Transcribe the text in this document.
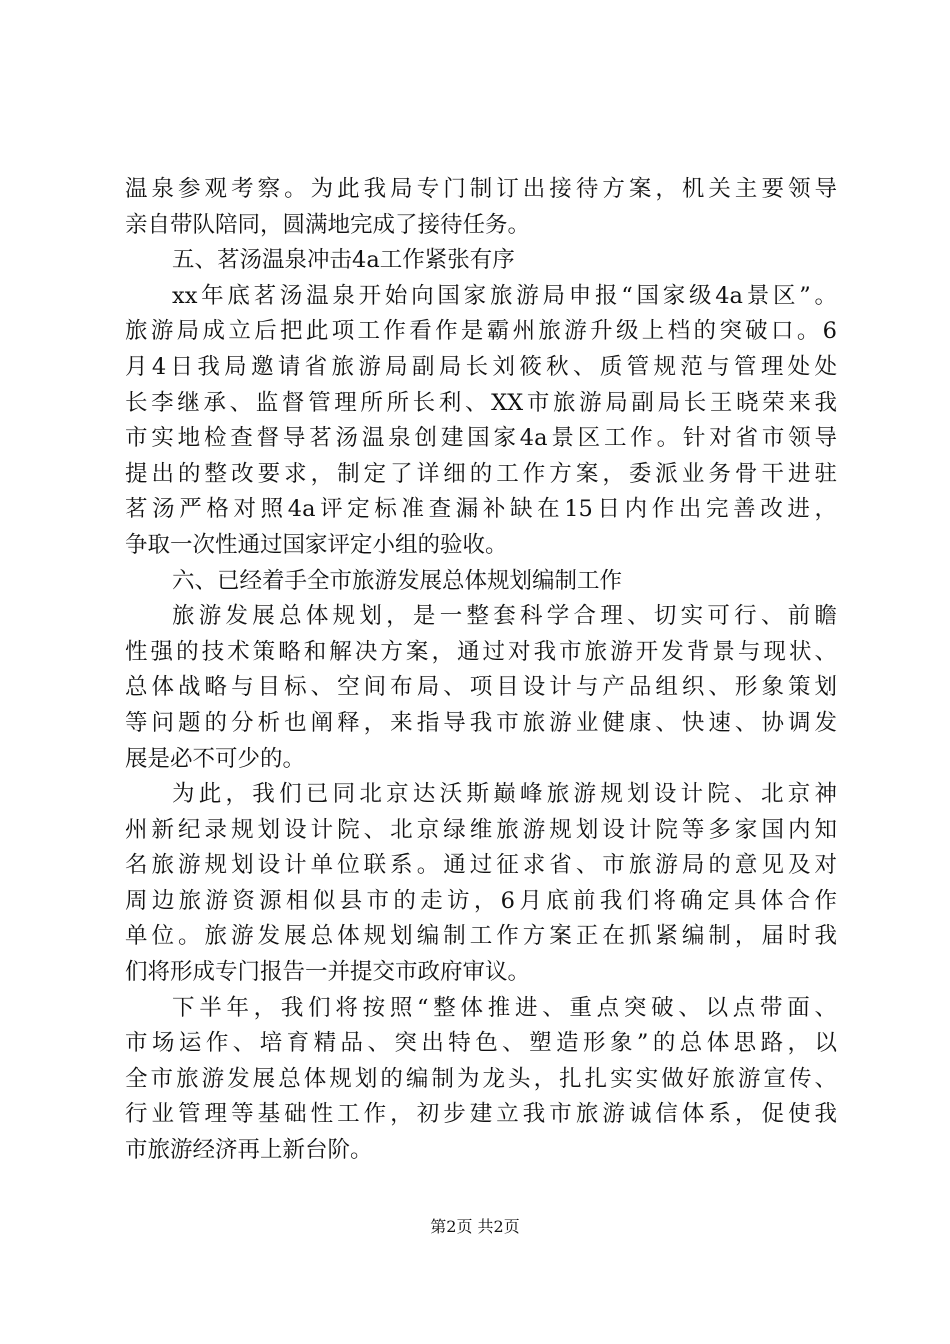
温泉参观考察。为此我局专门制订出接待方案，机关主要领导
亲自带队陪同，圆满地完成了接待任务。
五、茗汤温泉冲击4a工作紧张有序
xx年底茗汤温泉开始向国家旅游局申报“国家级4a景区”。
旅游局成立后把此项工作看作是霸州旅游升级上档的突破口。6
月4日我局邀请省旅游局副局长刘筱秋、质管规范与管理处处
长李继承、监督管理所所长利、XX市旅游局副局长王晓荣来我
市实地检查督导茗汤温泉创建国家4a景区工作。针对省市领导
提出的整改要求，制定了详细的工作方案，委派业务骨干进驻
茗汤严格对照4a评定标准查漏补缺在15日内作出完善改进，
争取一次性通过国家评定小组的验收。
六、已经着手全市旅游发展总体规划编制工作
旅游发展总体规划，是一整套科学合理、切实可行、前瞻
性强的技术策略和解决方案，通过对我市旅游开发背景与现状、
总体战略与目标、空间布局、项目设计与产品组织、形象策划
等问题的分析也阐释，来指导我市旅游业健康、快速、协调发
展是必不可少的。
为此，我们已同北京达沃斯巅峰旅游规划设计院、北京神
州新纪录规划设计院、北京绿维旅游规划设计院等多家国内知
名旅游规划设计单位联系。通过征求省、市旅游局的意见及对
周边旅游资源相似县市的走访，6月底前我们将确定具体合作
单位。旅游发展总体规划编制工作方案正在抓紧编制，届时我
们将形成专门报告一并提交市政府审议。
下半年，我们将按照“整体推进、重点突破、以点带面、
市场运作、培育精品、突出特色、塑造形象”的总体思路，以
全市旅游发展总体规划的编制为龙头，扎扎实实做好旅游宣传、
行业管理等基础性工作，初步建立我市旅游诚信体系，促使我
市旅游经济再上新台阶。
第2页 共2页
